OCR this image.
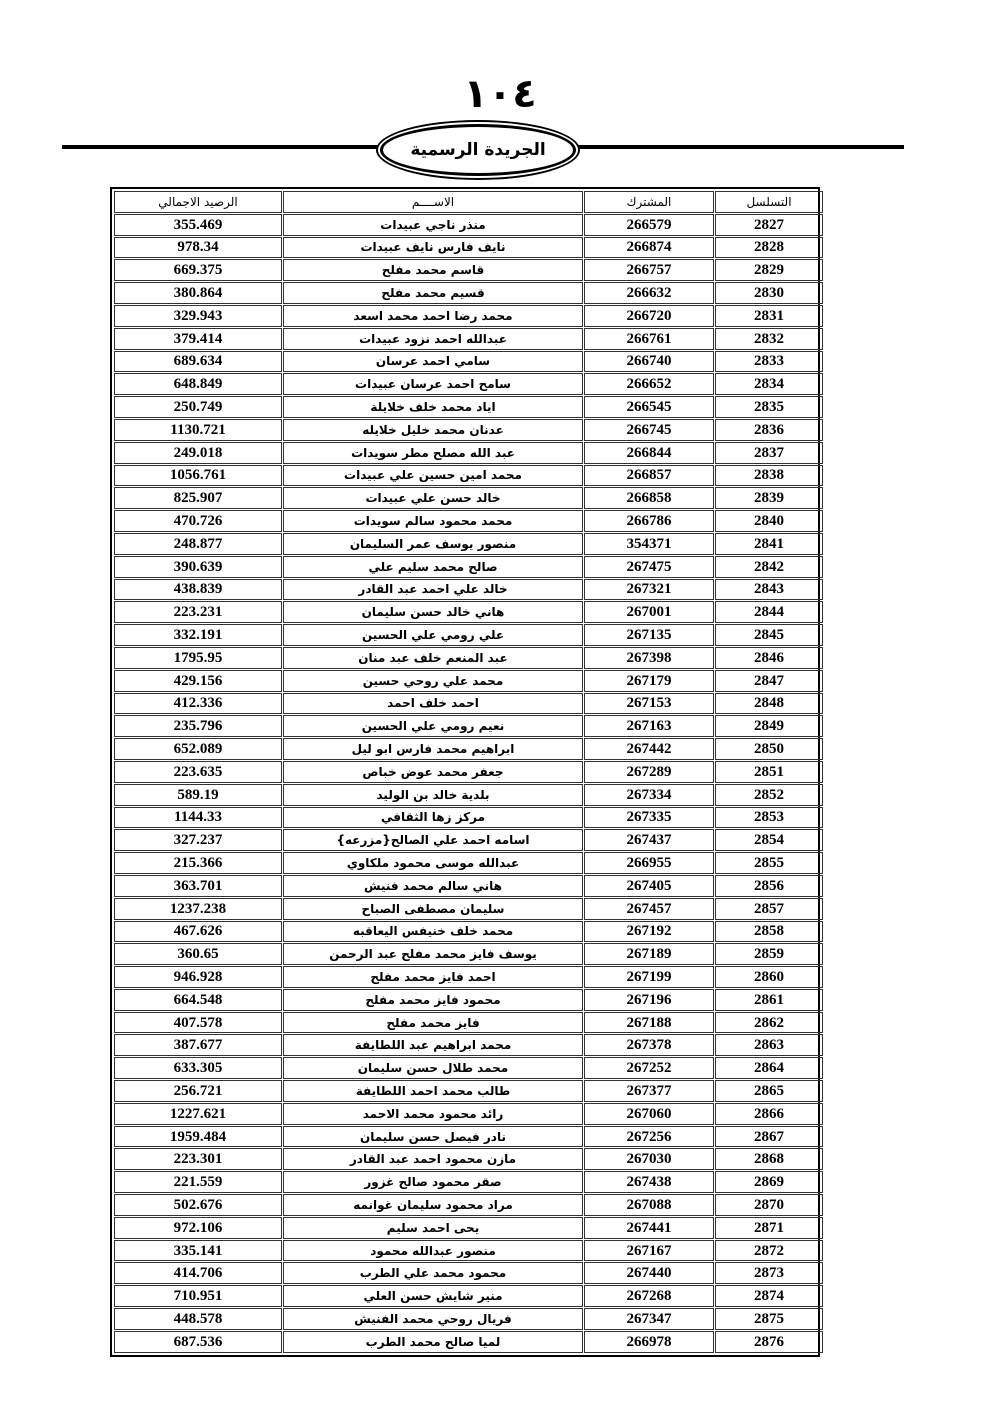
١٠٤
الجريدة الرسمية
التسلسل	المشترك	الاســــم	الرصيد الاجمالي
2827	266579	منذر ناجي عبيدات	355.469
2828	266874	نايف فارس نايف عبيدات	978.34
2829	266757	قاسم محمد مفلح	669.375
2830	266632	قسيم محمد مفلح	380.864
2831	266720	محمد رضا احمد محمد اسعد	329.943
2832	266761	عبدالله احمد نزود عبيدات	379.414
2833	266740	سامي احمد عرسان	689.634
2834	266652	سامح احمد عرسان عبيدات	648.849
2835	266545	اياد محمد خلف خلايلة	250.749
2836	266745	عدنان محمد خليل خلايله	1130.721
2837	266844	عبد الله مصلح مطر سويدات	249.018
2838	266857	محمد امين حسين علي عبيدات	1056.761
2839	266858	خالد حسن علي عبيدات	825.907
2840	266786	محمد محمود سالم سويدات	470.726
2841	354371	منصور يوسف عمر السليمان	248.877
2842	267475	صالح محمد سليم علي	390.639
2843	267321	خالد علي احمد عبد القادر	438.839
2844	267001	هاني خالد حسن سليمان	223.231
2845	267135	علي رومي علي الحسين	332.191
2846	267398	عبد المنعم خلف عبد منان	1795.95
2847	267179	محمد علي روحي حسين	429.156
2848	267153	احمد خلف احمد	412.336
2849	267163	نعيم رومي علي الحسين	235.796
2850	267442	ابراهيم محمد فارس ابو ليل	652.089
2851	267289	جعفر محمد عوض خباص	223.635
2852	267334	بلدية خالد بن الوليد	589.19
2853	267335	مركز زها الثقافي	1144.33
2854	267437	اسامه احمد علي الصالح{مزرعه}	327.237
2855	266955	عبدالله موسى محمود ملكاوي	215.366
2856	267405	هاني سالم محمد فنيش	363.701
2857	267457	سليمان مصطفى الصباح	1237.238
2858	267192	محمد خلف خنيفس اليعاقبه	467.626
2859	267189	يوسف فايز محمد مفلح عبد الرحمن	360.65
2860	267199	احمد فايز محمد مفلح	946.928
2861	267196	محمود فايز محمد مفلح	664.548
2862	267188	فايز محمد مفلح	407.578
2863	267378	محمد ابراهيم عبد اللطايفة	387.677
2864	267252	محمد طلال حسن سليمان	633.305
2865	267377	طالب محمد احمد اللطايفة	256.721
2866	267060	رائد محمود محمد الاحمد	1227.621
2867	267256	نادر فيصل حسن سليمان	1959.484
2868	267030	مازن محمود احمد عبد القادر	223.301
2869	267438	صقر محمود صالح غزور	221.559
2870	267088	مراد محمود سليمان غوانمه	502.676
2871	267441	يحى احمد سليم	972.106
2872	267167	منصور عبدالله محمود	335.141
2873	267440	محمود محمد علي الطرب	414.706
2874	267268	منير شايش حسن العلي	710.951
2875	267347	فريال روحي محمد الفنيش	448.578
2876	266978	لميا صالح محمد الطرب	687.536
